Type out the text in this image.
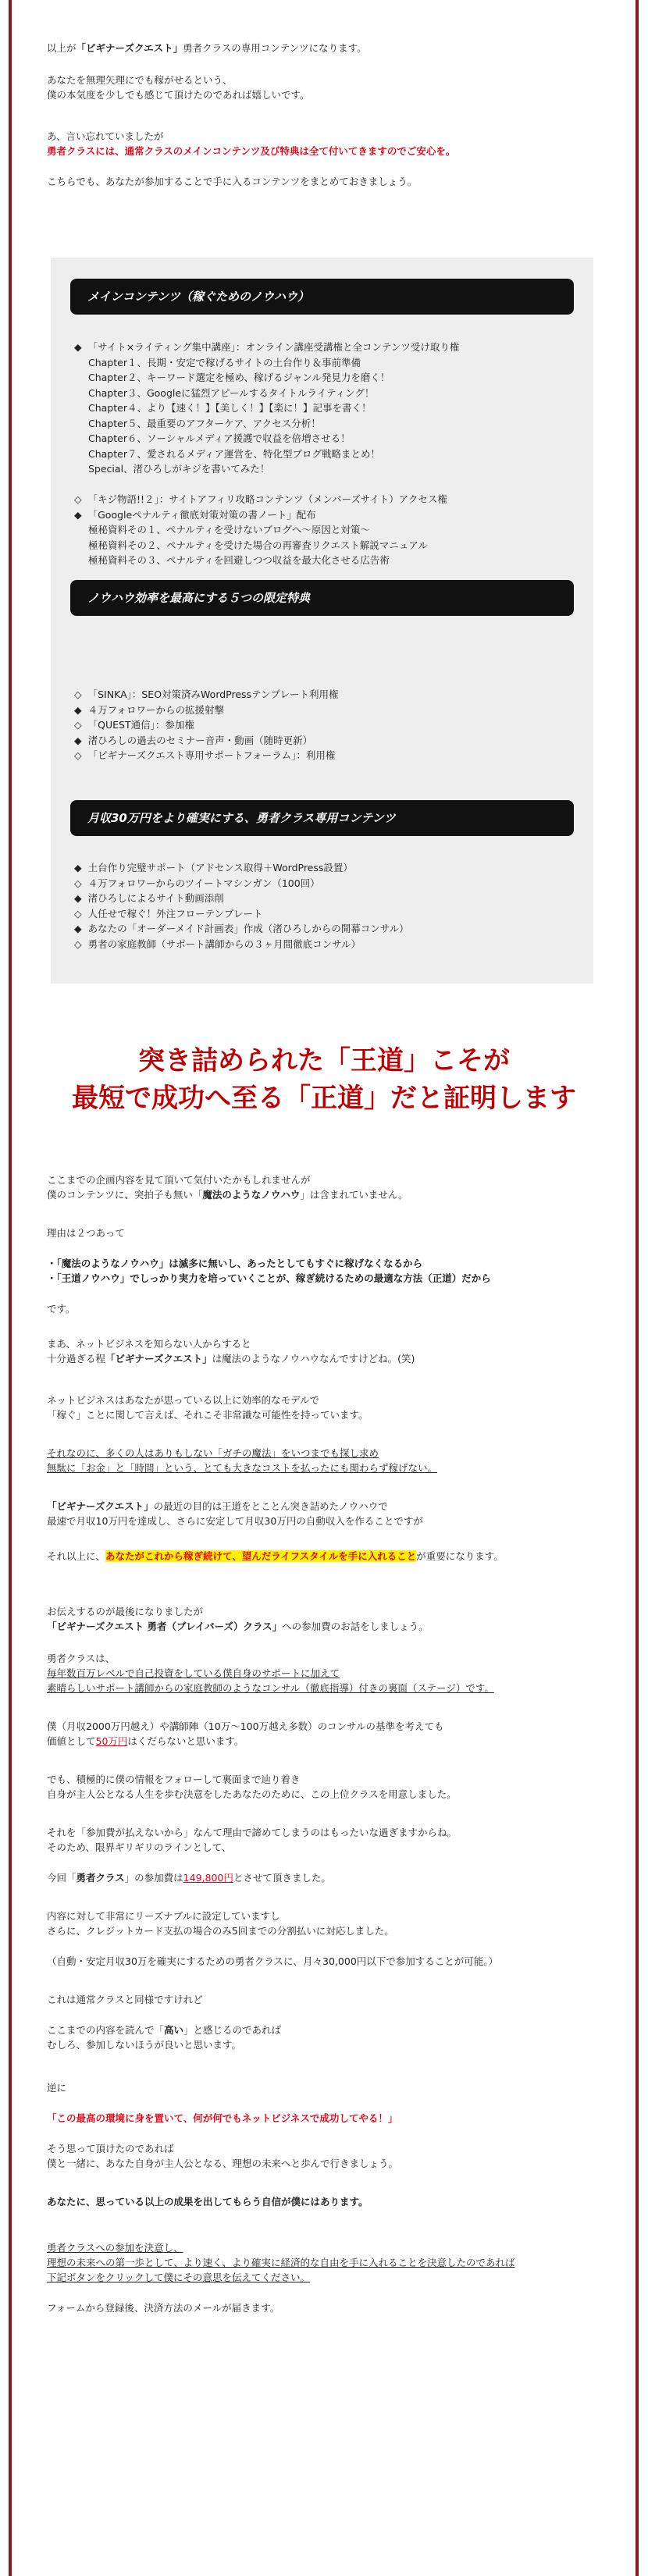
以上が「ビギナーズクエスト」勇者クラスの専用コンテンツになります。

あなたを無理矢理にでも稼がせるという、

僕の本気度を少しでも感じて頂けたのであれば嬉しいです。

あ、言い忘れていましたが

勇者クラスには、通常クラスのメインコンテンツ及び特典は全て付いてきますのでご安心を。

こちらでも、あなたが参加することで手に入るコンテンツをまとめておきましょう。

メインコンテンツ（稼ぐためのノウハウ）
◆ 「サイト×ライティング集中講座」：オンライン講座受講権と全コンテンツ受け取り権
Chapter１、長期・安定で稼げるサイトの土台作り＆事前準備
Chapter２、キーワード選定を極め、稼げるジャンル発見力を磨く！
Chapter３、Googleに猛烈アピールするタイトルライティング！
Chapter４、より【速く！】【美しく！】【楽に！】記事を書く！
Chapter５、最重要のアフターケア、アクセス分析！
Chapter６、ソーシャルメディア援護で収益を倍増させる！
Chapter７、愛されるメディア運営を、特化型ブログ戦略まとめ！
Special、渚ひろしがキジを書いてみた！

◇ 「キジ物語!!２」：サイトアフィリ攻略コンテンツ（メンバーズサイト）アクセス権
◆ 「Googleペナルティ徹底対策対策の書ノート」配布
極秘資料その１、ペナルティを受けないブログへ～原因と対策～
極秘資料その２、ペナルティを受けた場合の再審査リクエスト解説マニュアル
極秘資料その３、ペナルティを回避しつつ収益を最大化させる広告術
ノウハウ効率を最高にする５つの限定特典
◇ 「SINKA」：SEO対策済みWordPressテンプレート利用権
◆ ４万フォロワーからの拡援射撃
◇ 「QUEST通信」：参加権
◆ 渚ひろしの過去のセミナー音声・動画（随時更新）
◇ 「ビギナーズクエスト専用サポートフォーラム」：利用権
月収30万円をより確実にする、勇者クラス専用コンテンツ
◆ 土台作り完璧サポート（アドセンス取得＋WordPress設置）
◇ ４万フォロワーからのツイートマシンガン（100回）
◆ 渚ひろしによるサイト動画添削
◇ 人任せで稼ぐ！外注フローテンプレート
◆ あなたの「オーダーメイド計画表」作成（渚ひろしからの開幕コンサル）
◇ 勇者の家庭教師（サポート講師からの３ヶ月間徹底コンサル）
突き詰められた「王道」こそが
最短で成功へ至る「正道」だと証明します

ここまでの企画内容を見て頂いて気付いたかもしれませんが

僕のコンテンツに、突拍子も無い「魔法のようなノウハウ」は含まれていません。

理由は２つあって

・「魔法のようなノウハウ」は滅多に無いし、あったとしてもすぐに稼げなくなるから

・「王道ノウハウ」でしっかり実力を培っていくことが、稼ぎ続けるための最適な方法（正道）だから

です。

まあ、ネットビジネスを知らない人からすると

十分過ぎる程「ビギナーズクエスト」は魔法のようなノウハウなんですけどね。(笑)

ネットビジネスはあなたが思っている以上に効率的なモデルで

「稼ぐ」ことに関して言えば、それこそ非常識な可能性を持っています。

それなのに、多くの人はありもしない「ガチの魔法」をいつまでも探し求め

無駄に「お金」と「時間」という、とても大きなコストを払ったにも関わらず稼げない。

「ビギナーズクエスト」の最近の目的は王道をとことん突き詰めたノウハウで

最速で月収10万円を達成し、さらに安定して月収30万円の自動収入を作ることですが

それ以上に、あなたがこれから稼ぎ続けて、望んだライフスタイルを手に入れることが重要になります。

お伝えするのが最後になりましたが

「ビギナーズクエスト 勇者（ブレイバーズ）クラス」への参加費のお話をしましょう。

勇者クラスは、

毎年数百万レベルで自己投資をしている僕自身のサポートに加えて

素晴らしいサポート講師からの家庭教師のようなコンサル（徹底指導）付きの裏面（ステージ）です。

僕（月収2000万円越え）や講師陣（10万〜100万越え多数）のコンサルの基準を考えても

価値として50万円はくだらないと思います。

でも、積極的に僕の情報をフォローして裏面まで辿り着き

自身が主人公となる人生を歩む決意をしたあなたのために、この上位クラスを用意しました。

それを「参加費が払えないから」なんて理由で諦めてしまうのはもったいな過ぎますからね。

そのため、限界ギリギリのラインとして、

今回「勇者クラス」の参加費は149,800円とさせて頂きました。

内容に対して非常にリーズナブルに設定していますし

さらに、クレジットカード支払の場合のみ5回までの分割払いに対応しました。

（自動・安定月収30万を確実にするための勇者クラスに、月々30,000円以下で参加することが可能。）

これは通常クラスと同様ですけれど

ここまでの内容を読んで「高い」と感じるのであれば

むしろ、参加しないほうが良いと思います。

逆に

「この最高の環境に身を置いて、何が何でもネットビジネスで成功してやる！」

そう思って頂けたのであれば

僕と一緒に、あなた自身が主人公となる、理想の未来へと歩んで行きましょう。

あなたに、思っている以上の成果を出してもらう自信が僕にはあります。

勇者クラスへの参加を決意し、

理想の未来への第一歩として、より速く、より確実に経済的な自由を手に入れることを決意したのであれば

下記ボタンをクリックして僕にその意思を伝えてください。

フォームから登録後、決済方法のメールが届きます。
